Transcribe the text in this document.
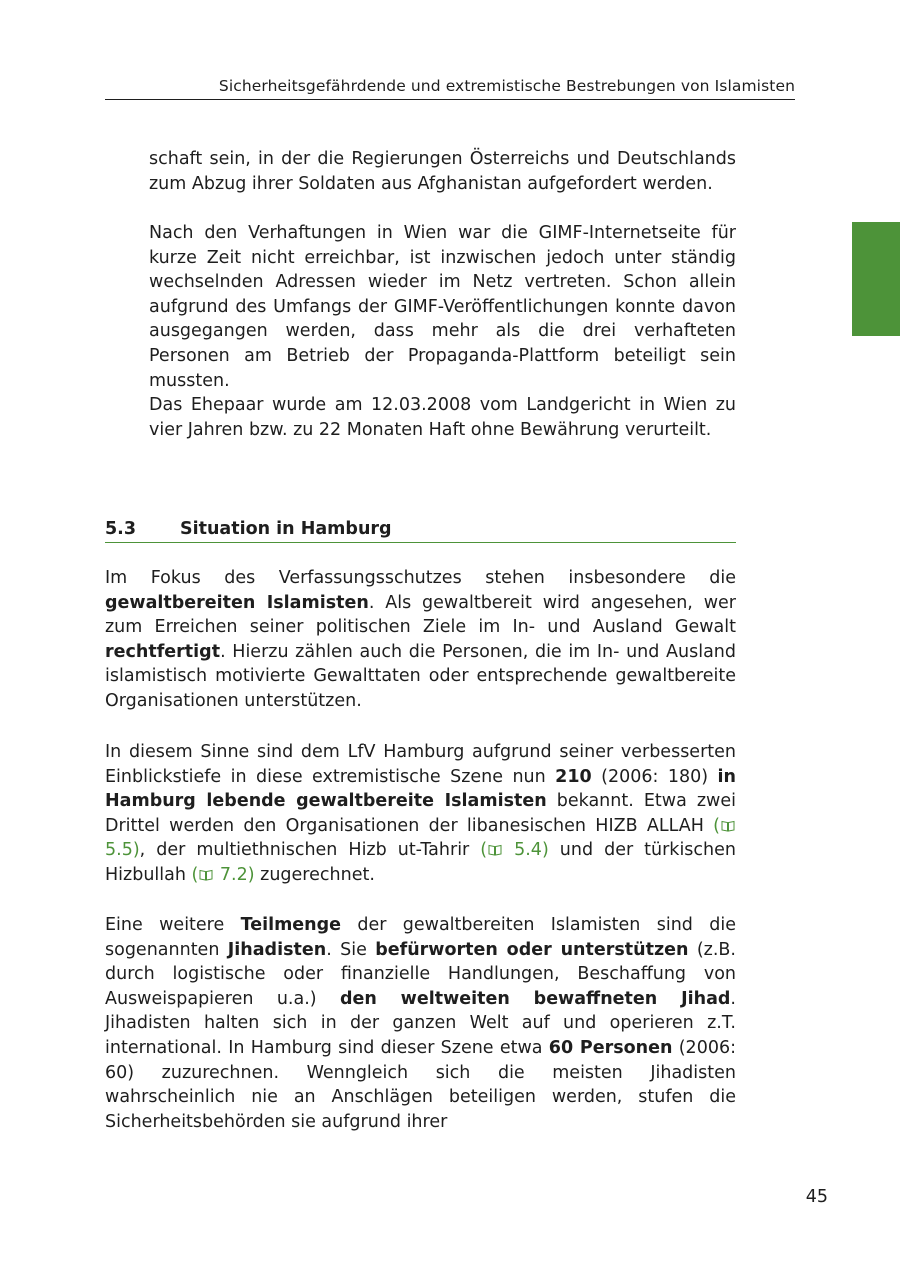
Sicherheitsgefährdende und extremistische Bestrebungen von Islamisten

schaft sein, in der die Regierungen Österreichs und Deutschlands zum Abzug ihrer Soldaten aus Afghanistan aufgefordert werden.

Nach den Verhaftungen in Wien war die GIMF-Internetseite für kurze Zeit nicht erreichbar, ist inzwischen jedoch unter ständig wechselnden Adressen wieder im Netz vertreten. Schon allein aufgrund des Umfangs der GIMF-Veröffentlichungen konnte davon ausgegangen werden, dass mehr als die drei verhafteten Personen am Betrieb der Propaganda-Plattform beteiligt sein mussten.

Das Ehepaar wurde am 12.03.2008 vom Landgericht in Wien zu vier Jahren bzw. zu 22 Monaten Haft ohne Bewährung verurteilt.

5.3	Situation in Hamburg

Im Fokus des Verfassungsschutzes stehen insbesondere die gewaltbereiten Islamisten. Als gewaltbereit wird angesehen, wer zum Erreichen seiner politischen Ziele im In- und Ausland Gewalt rechtfertigt. Hierzu zählen auch die Personen, die im In- und Ausland islamistisch motivierte Gewalttaten oder entsprechende gewaltbereite Organisationen unterstützen.

In diesem Sinne sind dem LfV Hamburg aufgrund seiner verbesserten Einblickstiefe in diese extremistische Szene nun 210 (2006: 180) in Hamburg lebende gewaltbereite Islamisten bekannt. Etwa zwei Drittel werden den Organisationen der libanesischen HIZB ALLAH ( 5.5), der multiethnischen Hizb ut-Tahrir ( 5.4) und der türkischen Hizbullah ( 7.2) zugerechnet.

Eine weitere Teilmenge der gewaltbereiten Islamisten sind die sogenannten Jihadisten. Sie befürworten oder unterstützen (z.B. durch logistische oder finanzielle Handlungen, Beschaffung von Ausweispapieren u.a.) den weltweiten bewaffneten Jihad. Jihadisten halten sich in der ganzen Welt auf und operieren z.T. international. In Hamburg sind dieser Szene etwa 60 Personen (2006: 60) zuzurechnen. Wenngleich sich die meisten Jihadisten wahrscheinlich nie an Anschlägen beteiligen werden, stufen die Sicherheitsbehörden sie aufgrund ihrer

45
